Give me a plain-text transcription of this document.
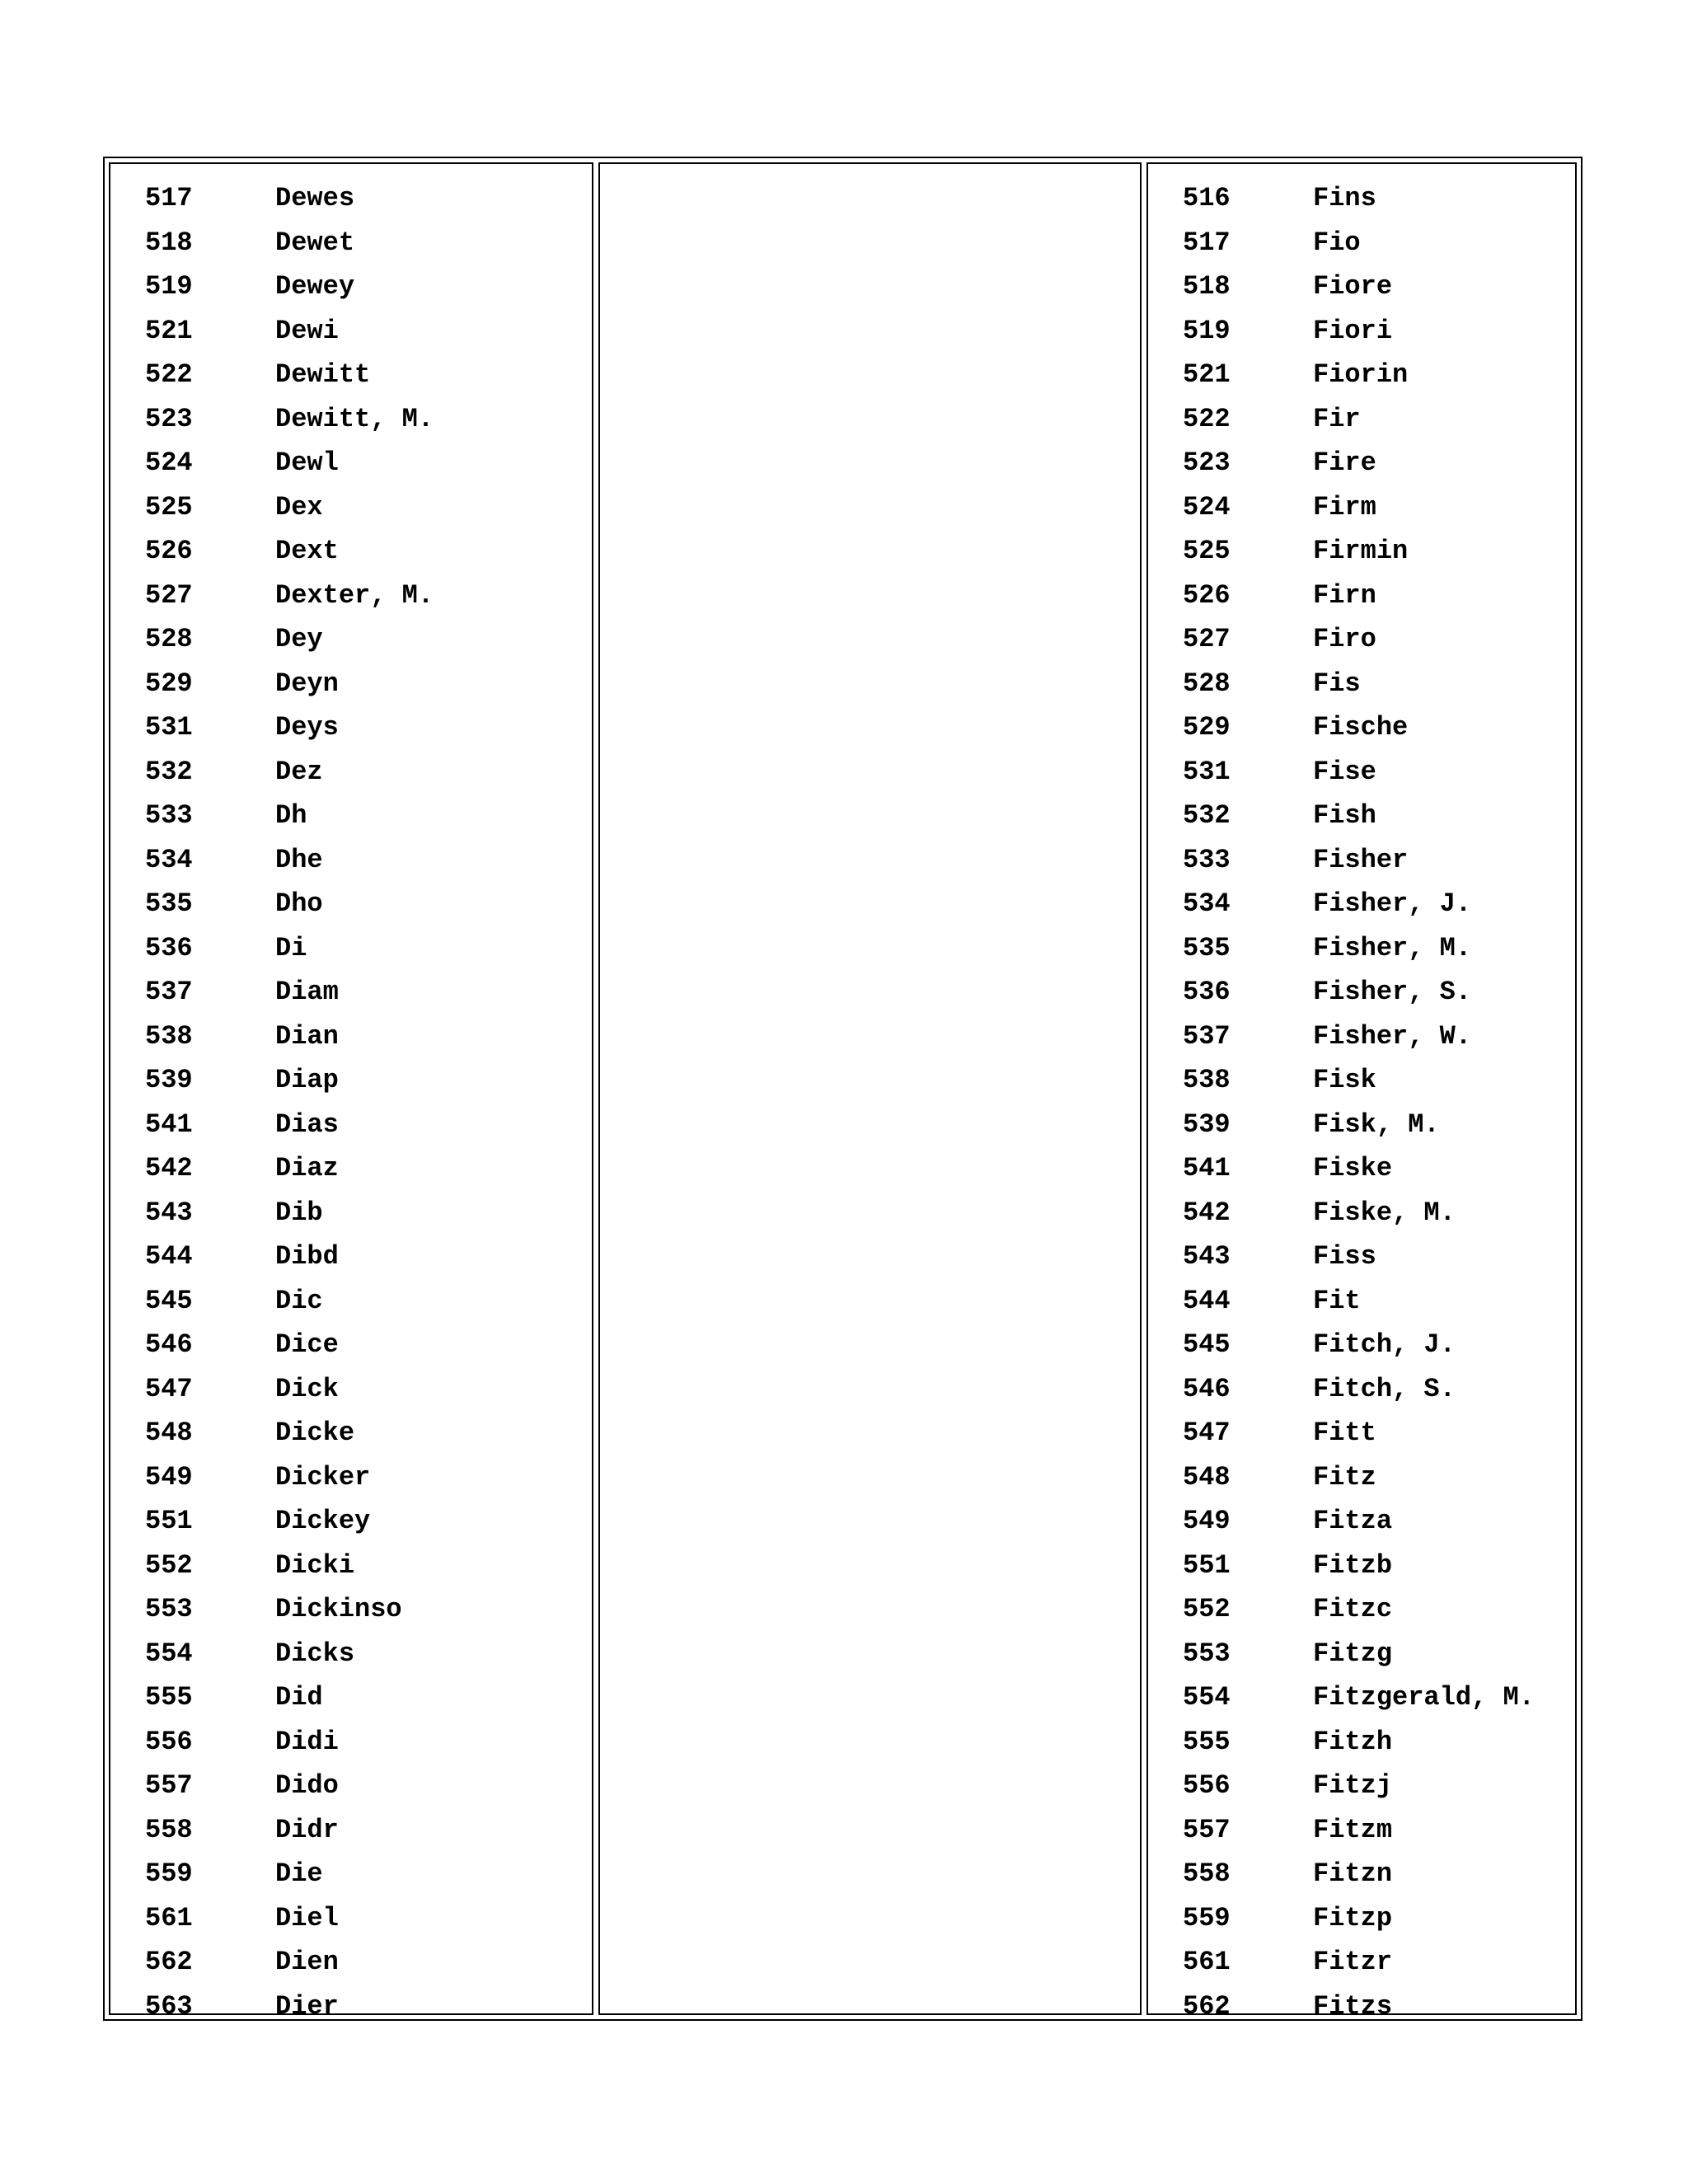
517	Dewes
518	Dewet
519	Dewey
521	Dewi
522	Dewitt
523	Dewitt, M.
524	Dewl
525	Dex
526	Dext
527	Dexter, M.
528	Dey
529	Deyn
531	Deys
532	Dez
533	Dh
534	Dhe
535	Dho
536	Di
537	Diam
538	Dian
539	Diap
541	Dias
542	Diaz
543	Dib
544	Dibd
545	Dic
546	Dice
547	Dick
548	Dicke
549	Dicker
551	Dickey
552	Dicki
553	Dickinso
554	Dicks
555	Did
556	Didi
557	Dido
558	Didr
559	Die
561	Diel
562	Dien
563	Dier
516	Fins
517	Fio
518	Fiore
519	Fiori
521	Fiorin
522	Fir
523	Fire
524	Firm
525	Firmin
526	Firn
527	Firo
528	Fis
529	Fische
531	Fise
532	Fish
533	Fisher
534	Fisher, J.
535	Fisher, M.
536	Fisher, S.
537	Fisher, W.
538	Fisk
539	Fisk, M.
541	Fiske
542	Fiske, M.
543	Fiss
544	Fit
545	Fitch, J.
546	Fitch, S.
547	Fitt
548	Fitz
549	Fitza
551	Fitzb
552	Fitzc
553	Fitzg
554	Fitzgerald, M.
555	Fitzh
556	Fitzj
557	Fitzm
558	Fitzn
559	Fitzp
561	Fitzr
562	Fitzs
